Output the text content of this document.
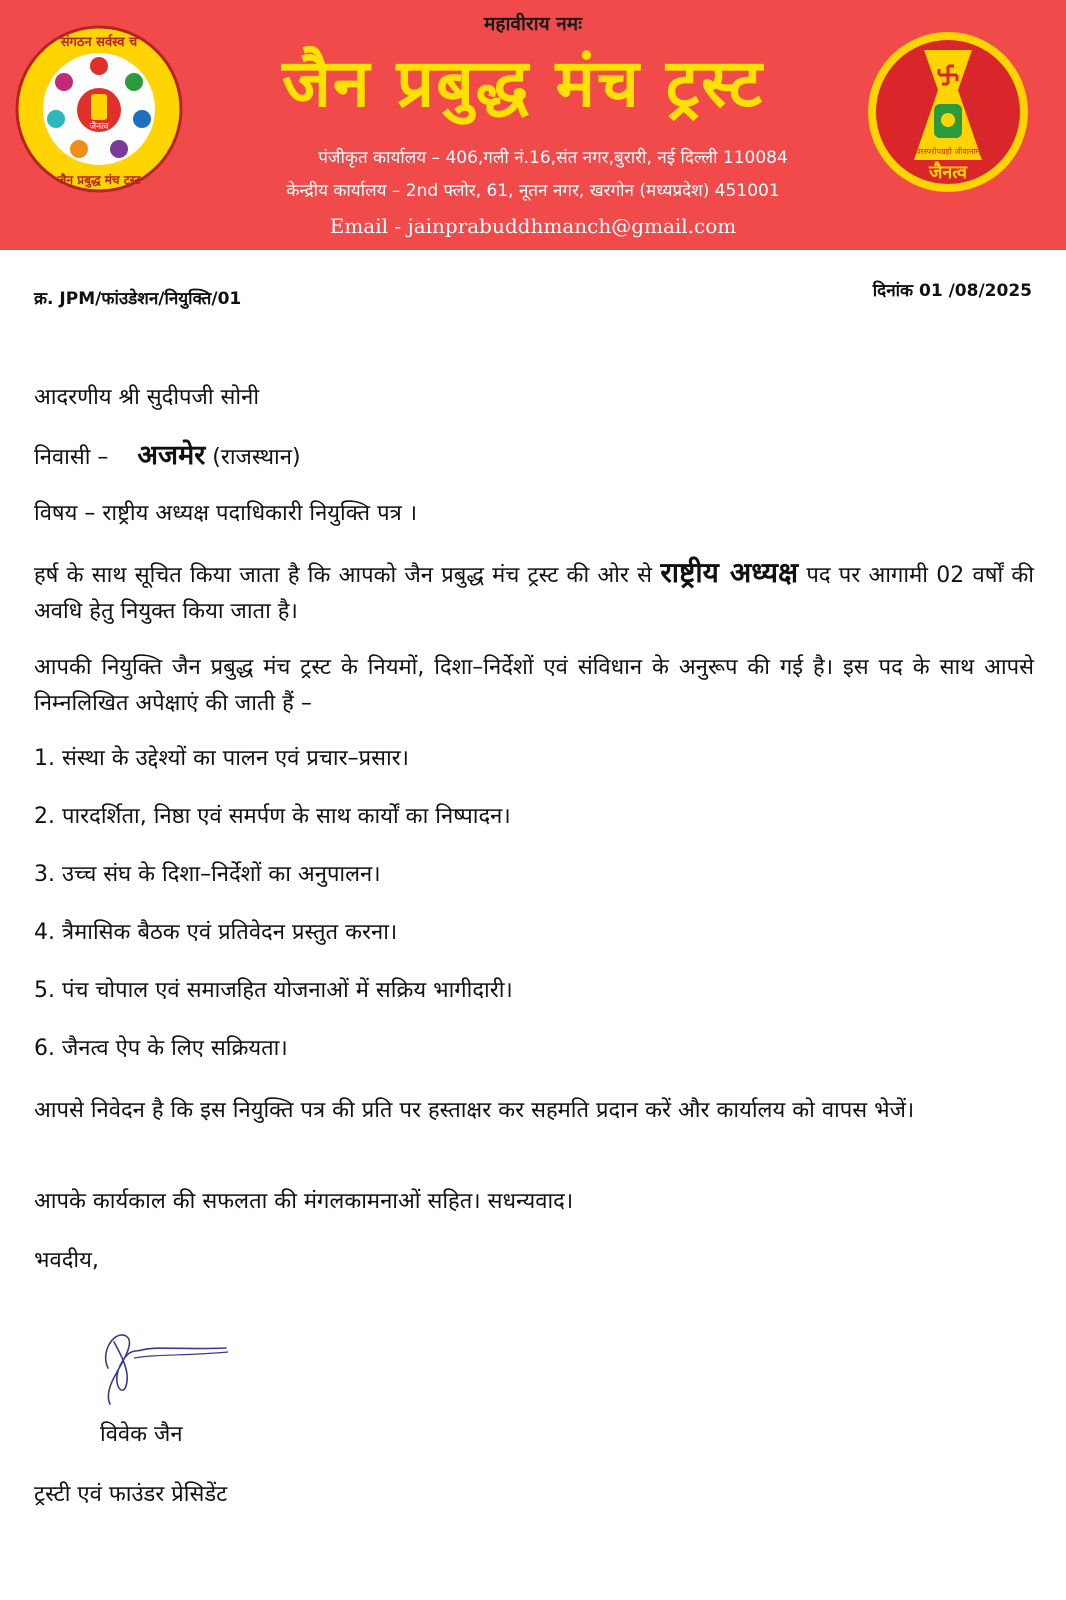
महावीराय नमः
जैनत्व
संगठन सर्वस्व च
जैन प्रबुद्ध मंच ट्रस्ट
जैन प्रबुद्ध मंच ट्रस्ट
पंजीकृत कार्यालय – 406,गली नं.16,संत नगर,बुरारी, नई दिल्ली 110084
केन्द्रीय कार्यालय – 2nd फ्लोर, 61, नूतन नगर, खरगोन (मध्यप्रदेश) 451001
Email - jainprabuddhmanch@gmail.com
परस्परोपग्रहो जीवानाम्
जैनत्व
क्र. JPM/फांउडेशन/नियुक्ति/01	दिनांक 01 /08/2025
आदरणीय श्री सुदीपजी सोनी
निवासी – अजमेर (राजस्थान)
विषय – राष्ट्रीय अध्यक्ष पदाधिकारी नियुक्ति पत्र ।
हर्ष के साथ सूचित किया जाता है कि आपको जैन प्रबुद्ध मंच ट्रस्ट की ओर से राष्ट्रीय अध्यक्ष पद पर आगामी 02 वर्षों की अवधि हेतु नियुक्त किया जाता है।
आपकी नियुक्ति जैन प्रबुद्ध मंच ट्रस्ट के नियमों, दिशा–निर्देशों एवं संविधान के अनुरूप की गई है। इस पद के साथ आपसे निम्नलिखित अपेक्षाएं की जाती हैं –
1. संस्था के उद्देश्यों का पालन एवं प्रचार–प्रसार।
2. पारदर्शिता, निष्ठा एवं समर्पण के साथ कार्यों का निष्पादन।
3. उच्च संघ के दिशा–निर्देशों का अनुपालन।
4. त्रैमासिक बैठक एवं प्रतिवेदन प्रस्तुत करना।
5. पंच चोपाल एवं समाजहित योजनाओं में सक्रिय भागीदारी।
6. जैनत्व ऐप के लिए सक्रियता।
आपसे निवेदन है कि इस नियुक्ति पत्र की प्रति पर हस्ताक्षर कर सहमति प्रदान करें और कार्यालय को वापस भेजें।
आपके कार्यकाल की सफलता की मंगलकामनाओं सहित। सधन्यवाद।
भवदीय,
विवेक जैन
ट्रस्टी एवं फाउंडर प्रेसिडेंट
